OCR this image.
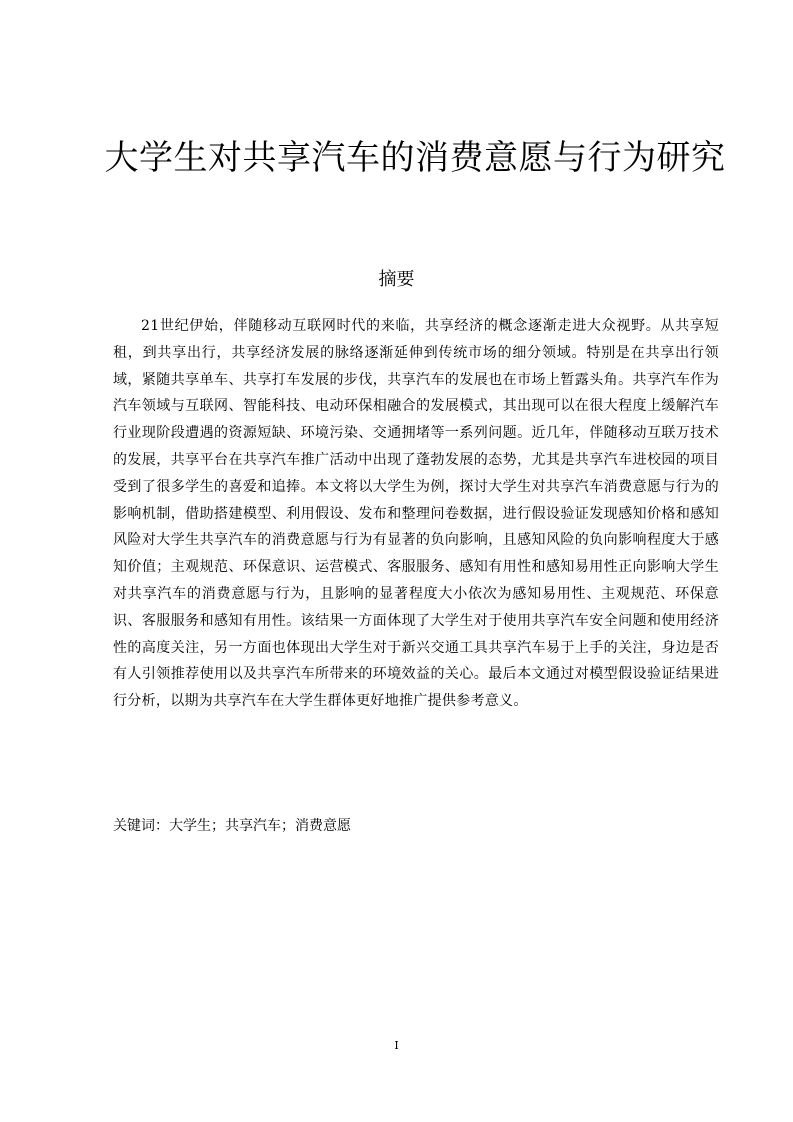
大学生对共享汽车的消费意愿与行为研究
摘要

21世纪伊始，伴随移动互联网时代的来临，共享经济的概念逐渐走进大众视野。从共享短租，到共享出行，共享经济发展的脉络逐渐延伸到传统市场的细分领域。特别是在共享出行领域，紧随共享单车、共享打车发展的步伐，共享汽车的发展也在市场上暂露头角。共享汽车作为汽车领域与互联网、智能科技、电动环保相融合的发展模式，其出现可以在很大程度上缓解汽车行业现阶段遭遇的资源短缺、环境污染、交通拥堵等一系列问题。近几年，伴随移动互联万技术的发展，共享平台在共享汽车推广活动中出现了蓬勃发展的态势，尤其是共享汽车进校园的项目受到了很多学生的喜爱和追捧。本文将以大学生为例，探讨大学生对共享汽车消费意愿与行为的影响机制，借助搭建模型、利用假设、发布和整理问卷数据，进行假设验证发现感知价格和感知风险对大学生共享汽车的消费意愿与行为有显著的负向影响，且感知风险的负向影响程度大于感知价值；主观规范、环保意识、运营模式、客服服务、感知有用性和感知易用性正向影响大学生对共享汽车的消费意愿与行为，且影响的显著程度大小依次为感知易用性、主观规范、环保意识、客服服务和感知有用性。该结果一方面体现了大学生对于使用共享汽车安全问题和使用经济性的高度关注，另一方面也体现出大学生对于新兴交通工具共享汽车易于上手的关注，身边是否有人引领推荐使用以及共享汽车所带来的环境效益的关心。最后本文通过对模型假设验证结果进行分析，以期为共享汽车在大学生群体更好地推广提供参考意义。

关键词：大学生；共享汽车；消费意愿

I
